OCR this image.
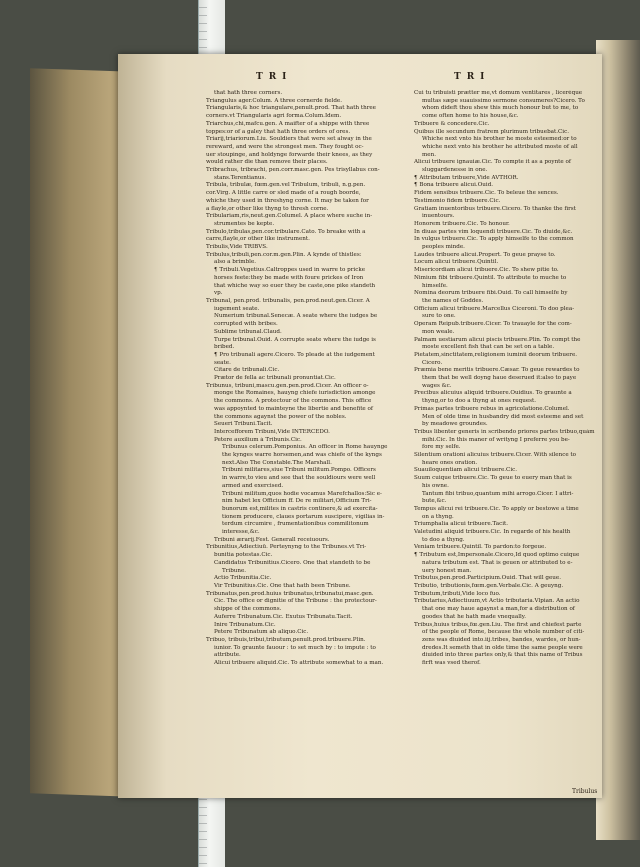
TRI	TRI
that hath three corners.
Triangulus ager.Colum. A three cornerde fielde.
Triangularis,& hoc triangulare,penult.prod. That hath three
corners.vt Triangularis agri forma.Colum.Idem.
Triarchus,chi,mafcu.gen. A maifter of a shippe with three
toppes:or of a galey that hath three orders of ores.
Triarij,triariorum.Liu. Souldiers that were set alway in the
rereward, and were the strongest men. They fought oc-
uer stoupinge, and holdynge forwarde their knees, as they
would rather die than remove their places.
Tribrachus, tribrachi, pen.corr.masc.gen. Pes trisyllabus con-
stans.Terentianus.
Tribula, tribulæ, fœm.gen.vel Tribulum, tribuli, n.g.pen.
cor.Virg. A little carre or sled made of a rough boorde,
whiche they used in threshyng corne. It may be taken for
a flayle,or other like thyng to thresh corne.
Tribulariam,ris,neut.gen.Columel. A place where suche in-
strumentes be kepte.
Tribulo,tribulas,pen.cor.tribulare.Cato. To breake with a
carre,flayle,or other like instrument.
Tribulis,Vide TRIBVS.
Tribulus,tribuli,pen.cor.m.gen.Plin. A kynde of thistles:
also a brimble.
¶ Tribuli.Vegetius.Caltroppes used in warre to pricke
horses feete:they be made with foure prickes of Iron
that whiche way so euer they be caste,one pike standeth
vp.
Tribunal, pen.prod. tribunalis, pen.prod.neut.gen.Cicer. A
iugement seate.
Numerium tribunal.Senecæ. A seate where the iudges be
corrupted with bribes.
Sublime tribunal.Claud.
Turpe tribunal.Ouid. A corrupte seate where the iudge is
bribed.
¶ Pro tribunali agere.Cicero. To pleade at the iudgement
seate.
Citare de tribunali.Cic.
Prætor de fella ac tribunali pronuntiat.Cic.
Tribunus, tribuni,mascu.gen.pen.prod.Cicer. An officer o-
monge the Romaines, hauyng chiefe iurisdiction amonge
the commons. A protectour of the commons. This office
was appoynted to mainteyne the libertie and benefite of
the commons agaynst the power of the nobles.
Seueri Tribuni.Tacit.
Intercefforem Tribuni,Vide INTERCEDO.
Petere auxilium à Tribunis.Cic.
Tribunus celerum.Pomponius. An officer in Rome hauynge
the kynges warre horsemen,and was chiefe of the kyngs
next.Also The Constable.The Marshall.
Tribuni militares,siue Tribuni militum.Pompo. Officers
in warre,to vieu and see that the souldiours were well
armed and exercised.
Tribuni militum,quos hodie vocamus Marefchallos:Sic e-
nim habet lex Officium ff. De re militari,Officium Tri-
bunorum est,milites in castris continere,& ad exercita-
tionem producere, claues portarum suscipere, vigilias in-
terdum circumire , frumentationibus commilitonum
interesse,&c.
Tribuni ærarij.Fest. Generall receiuours.
Tribunitius,Adiectiuū. Perteynyng to the Tribunes.vt Tri-
bunitia potestas.Cic.
Candidatus Tribunitius.Cicero. One that standeth to be
Tribune.
Actio Tribunitia.Cic.
Vir Tribunitius.Cic. One that hath been Tribune.
Tribunatus,pen.prod.huius tribunatus,tribunatui,masc.gen.
Cic. The office or dignitie of the Tribune : the protectour-
shippe of the commons.
Auferre Tribunatum.Cic. Exutus Tribunatu.Tacit.
Inire Tribunatum.Cic.
Petere Tribunatum ab aliquo.Cic.
Tribuo, tribuis,tribui,tributum,penult.prod.tribuere.Plin.
iunior. To graunte fauour : to set much by : to impute : to
attribute.
Alicui tribuere aliquid.Cic. To attribute somewhat to a man.
Cui tu tribuisti prætter me,vt domum ventitares , liceréque
multas sæpe suauissimo sermone consumeres?Cicero. To
whom dideft thou shew this much honour but to me, to
come often home to his house,&c.
Tribuere & concedere.Cic.
Quibus ille secundum fratrem plurimum tribuebat.Cic.
Whiche next vnto his brother he moste esteemed:or to
whiche next vnto his brother he attributed moste of all
men.
Alicui tribuere ignauiæ.Cic. To compte it as a poynte of
sluggardenesse in one.
¶ Attributam tribuere,Vide AVTHOR.
¶ Bona tribuere alicui.Ouid.
Fidem sensibus tribuere.Cic. To beleue the sences.
Testimonio fidem tribuere.Cic.
Gratiam inuentoribus tribuere.Cicero. To thanke the first
inuentours.
Honorem tribuere.Cic. To honour.
In diuas partes vim loquendi tribuere.Cic. To diuide,&c.
In vulgus tribuere.Cic. To apply himselfe to the common
peoples minde.
Laudes tribuere alicui.Propert. To geue prayse to.
Locum alicui tribuere.Quintil.
Misericordiam alicui tribuere.Cic. To shew pitie to.
Nimium fibi tribuere.Quintil. To attribute to muche to
himselfe.
Nomina deorum tribuere fibi.Ouid. To call himselfe by
the names of Goddes.
Officium alicui tribuere.Marcellus Ciceroni. To doo plea-
sure to one.
Operam Reipub.tribuere.Cicer. To trauayle for the com-
mon weale.
Palmam uestiarum alicui piscis tribuere.Plin. To compt the
moste excellent fish that can be set on a table.
Pietatem,sinctitatem,religionem iuminii deorum tribuere.
Cicero.
Præmia bene meritis tribuere.Cæsar. To geue rewardes to
them that be well doyng haue deserued it:also to paye
wages &c.
Precibus alicuius aliquid tribuere.Ouidius. To graunte a
thyng,or to doo a thyng at ones request.
Primas partes tribuere rebus in agricolatione.Columel.
Men of olde time in husbandry did most esteeme and set
by meadowe groundes.
Tribus libenter generis in scribendo priores partes tribuo,quàm
mihi.Cic. In this maner of writyng I preferre you be-
fore my selfe.
Silentium orationi alicuius tribuere.Cicer. With silence to
heare ones oration.
Suauiloquentiam alicui tribuere.Cic.
Suum cuique tribuere.Cic. To geue to euery man that is
his owne.
Tantum fibi tribuo,quantum mihi arrogo.Cicer. I attri-
bute,&c.
Tempus alicui rei tribuere.Cic. To apply or bestowe a time
on a thyng.
Triumphalia alicui tribuere.Tacit.
Valetudini aliquid tribuere.Cic. In regarde of his health
to doo a thyng.
Veniam tribuere.Quintil. To pardon:to forgeue.
¶ Tributum est,Impersonale.Cicero,Id quod optimo cuique
natura tributum est. That is geuen or attributed to e-
uery honest man.
Tributus,pen.prod.Participium.Ouid. That will geue.
Tributio, tributionis,fœm.gen.Verbale.Cic. A geuyng.
Tributum,tributi,Vide loco fuo.
Tributarius,Adiectiuum,vt Actio tributaria.Vlpian. An actio
that one may haue agaynst a man,for a distribution of
goodes that he hath made vnequally.
Tribus,huius tribus,fœ.gen.Liu. The first and chiefest parte
of the people of Rome, because the whole number of citi-
zens was diuided into.iij.tribes, bandes, wardes, or hun-
dredes.It semeth that in olde time the same people were
diuided into three partes only,& that this name of Tribus
firft was vsed therof.
Tribulus
